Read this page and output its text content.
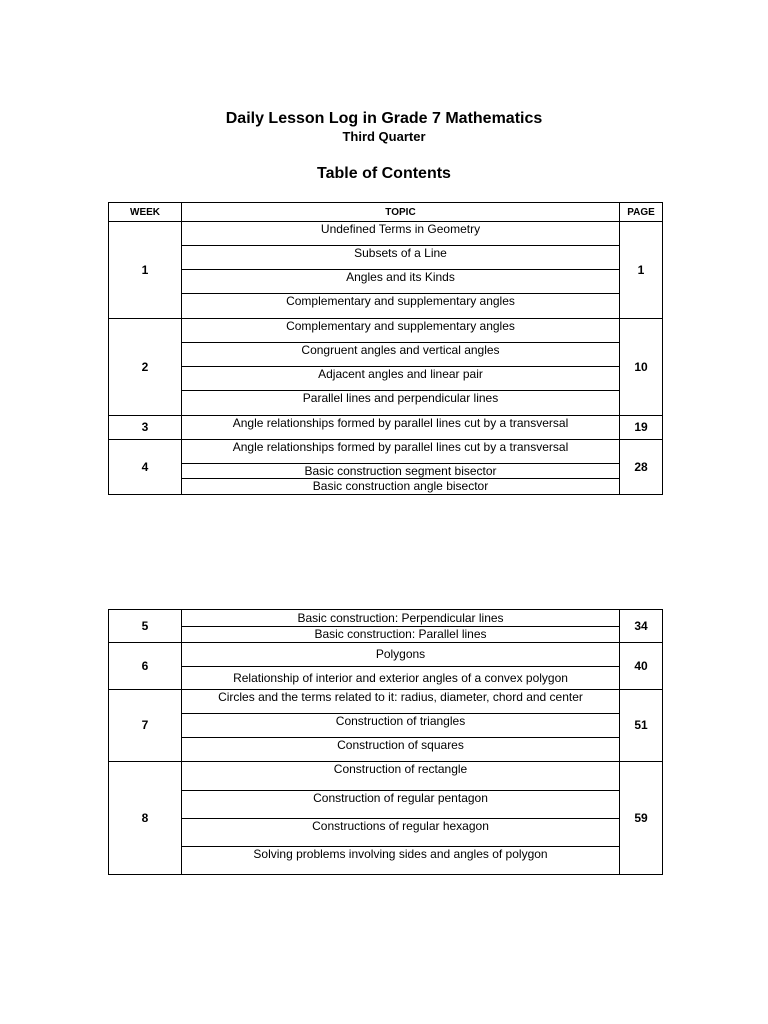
Daily Lesson Log in Grade 7 Mathematics
Third Quarter
Table of Contents
WEEK	TOPIC	PAGE
1	Undefined Terms in Geometry	1
	Subsets of a Line	
	Angles and its Kinds	
	Complementary and supplementary angles	
2	Complementary and supplementary angles	10
	Congruent angles and vertical angles	
	Adjacent angles and linear pair	
	Parallel lines and perpendicular lines	
3	Angle relationships formed by parallel lines cut by a transversal	19
4	Angle relationships formed by parallel lines cut by a transversal	28
	Basic construction segment bisector	
	Basic construction angle bisector	
5	Basic construction: Perpendicular lines	34
	Basic construction: Parallel lines	
6	Polygons	40
	Relationship of interior and exterior angles of a convex polygon	
7	Circles and the terms related to it: radius, diameter, chord and center	51
	Construction of triangles	
	Construction of squares	
8	Construction of rectangle	59
	Construction of regular pentagon	
	Constructions of regular hexagon	
	Solving problems involving sides and angles of polygon	
